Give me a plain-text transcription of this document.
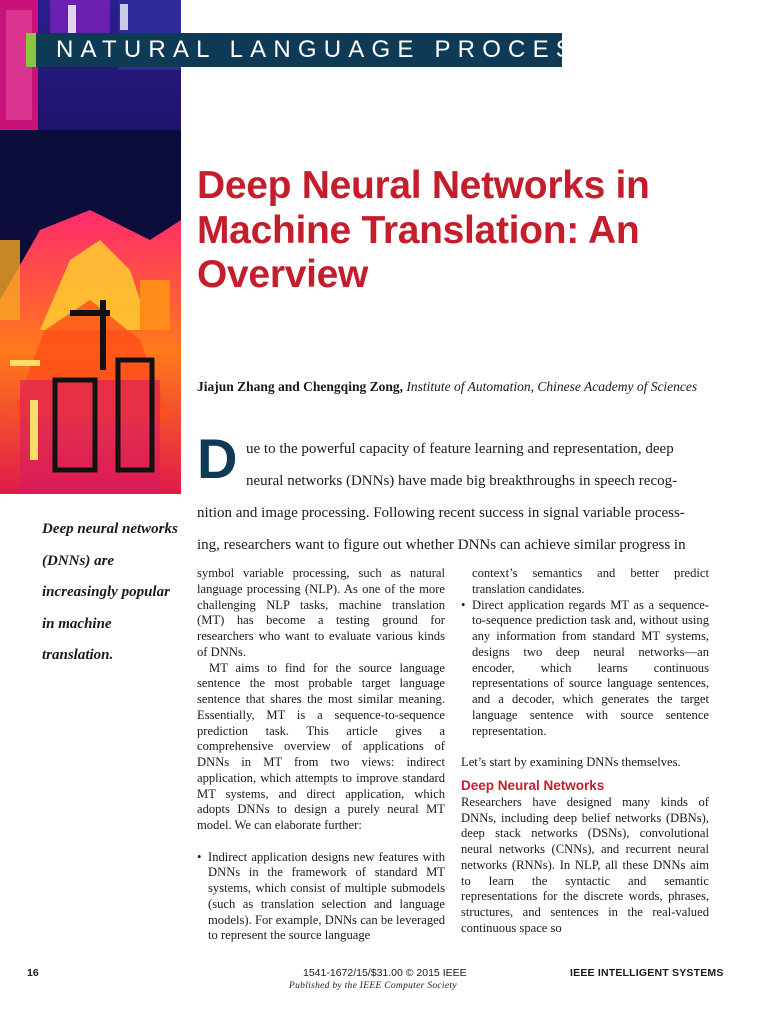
NATURAL LANGUAGE PROCESSING
Deep Neural Networks in Machine Translation: An Overview
Jiajun Zhang and Chengqing Zong, Institute of Automation, Chinese Academy of Sciences
D ue to the powerful capacity of feature learning and representation, deep
neural networks (DNNs) have made big breakthroughs in speech recog-
nition and image processing. Following recent success in signal variable process-
ing, researchers want to figure out whether DNNs can achieve similar progress in
Deep neural networks (DNNs) are increasingly popular in machine translation.

symbol variable processing, such as natural language processing (NLP). As one of the more challenging NLP tasks, machine translation (MT) has become a testing ground for researchers who want to evaluate various kinds of DNNs.

MT aims to find for the source language sentence the most probable target language sentence that shares the most similar meaning. Essentially, MT is a sequence-to-sequence prediction task. This article gives a comprehensive overview of applications of DNNs in MT from two views: indirect application, which attempts to improve standard MT systems, and direct application, which adopts DNNs to design a purely neural MT model. We can elaborate further:

• Indirect application designs new features with DNNs in the framework of standard MT systems, which consist of multiple submodels (such as translation selection and language models). For example, DNNs can be leveraged to represent the source language

context’s semantics and better predict translation candidates.

• Direct application regards MT as a sequence-to-sequence prediction task and, without using any information from standard MT systems, designs two deep neural networks—an encoder, which learns continuous representations of source language sentences, and a decoder, which generates the target language sentence with source sentence representation.

Let’s start by examining DNNs themselves.

Deep Neural Networks

Researchers have designed many kinds of DNNs, including deep belief networks (DBNs), deep stack networks (DSNs), convolutional neural networks (CNNs), and recurrent neural networks (RNNs). In NLP, all these DNNs aim to learn the syntactic and semantic representations for the discrete words, phrases, structures, and sentences in the real-valued continuous space so

16	1541-1672/15/$31.00 © 2015 IEEE	IEEE INTELLIGENT SYSTEMS
Published by the IEEE Computer Society
